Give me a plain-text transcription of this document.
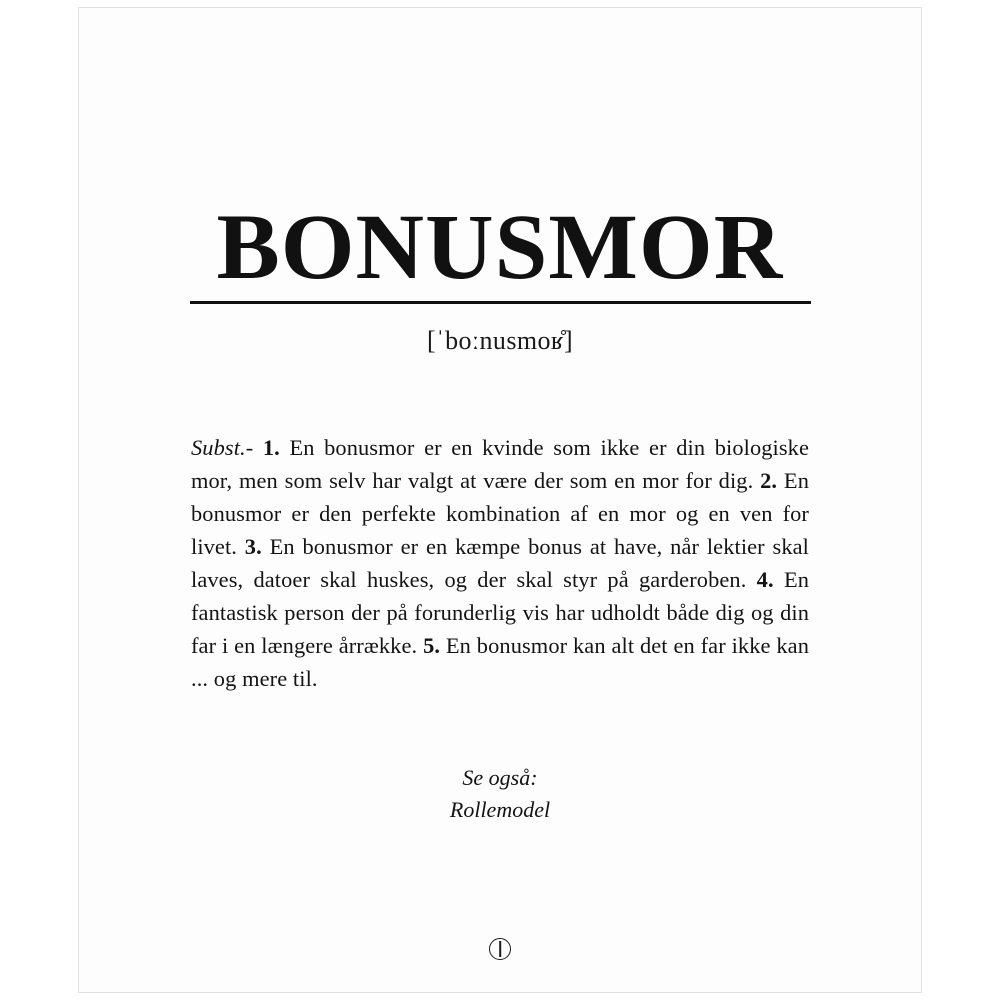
BONUSMOR
[ˈboːnusmoʁ̊]
Subst.- 1. En bonusmor er en kvinde som ikke er din biologiske mor, men som selv har valgt at være der som en mor for dig. 2. En bonusmor er den perfekte kombination af en mor og en ven for livet. 3. En bonusmor er en kæmpe bonus at have, når lektier skal laves, datoer skal huskes, og der skal styr på garderoben. 4. En fantastisk person der på forunderlig vis har udholdt både dig og din far i en længere årrække. 5. En bonusmor kan alt det en far ikke kan ... og mere til.
Se også:
Rollemodel
